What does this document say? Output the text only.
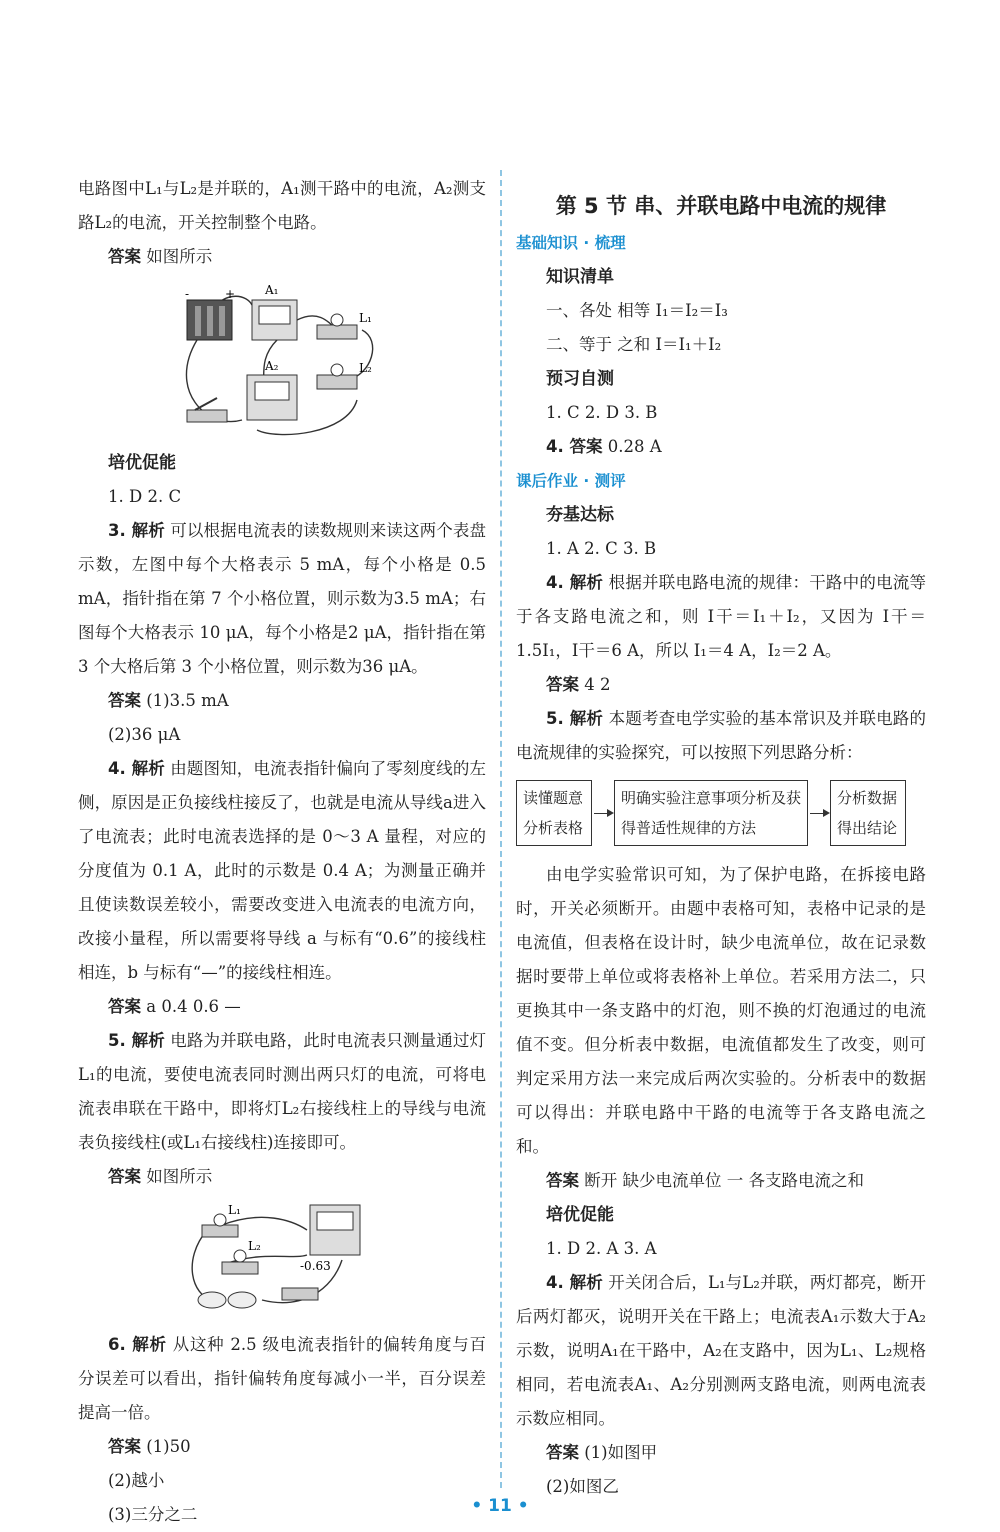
电路图中L₁与L₂是并联的，A₁测干路中的电流，A₂测支路L₂的电流，开关控制整个电路。

答案 如图所示

-	+ A₁
L₁
L₂
A₂

培优促能

1. D 2. C

3. 解析 可以根据电流表的读数规则来读这两个表盘示数，左图中每个大格表示 5 mA，每个小格是 0.5 mA，指针指在第 7 个小格位置，则示数为3.5 mA；右图每个大格表示 10 μA，每个小格是2 μA，指针指在第 3 个大格后第 3 个小格位置，则示数为36 μA。

答案 (1)3.5 mA

(2)36 μA

4. 解析 由题图知，电流表指针偏向了零刻度线的左侧，原因是正负接线柱接反了，也就是电流从导线a进入了电流表；此时电流表选择的是 0～3 A 量程，对应的分度值为 0.1 A，此时的示数是 0.4 A；为测量正确并且使读数误差较小，需要改变进入电流表的电流方向，改接小量程，所以需要将导线 a 与标有“0.6”的接线柱相连，b 与标有“—”的接线柱相连。

答案 a 0.4 0.6 —

5. 解析 电路为并联电路，此时电流表只测量通过灯L₁的电流，要使电流表同时测出两只灯的电流，可将电流表串联在干路中，即将灯L₂右接线柱上的导线与电流表负接线柱(或L₁右接线柱)连接即可。

答案 如图所示

L₁
L₂
-0.63

6. 解析 从这种 2.5 级电流表指针的偏转角度与百分误差可以看出，指针偏转角度每减小一半，百分误差提高一倍。

答案 (1)50

(2)越小

(3)三分之二

第 5 节 串、并联电路中电流的规律

基础知识 · 梳理

知识清单

一、各处 相等 I₁＝I₂＝I₃

二、等于 之和 I＝I₁＋I₂

预习自测

1. C 2. D 3. B

4. 答案 0.28 A

课后作业 · 测评

夯基达标

1. A 2. C 3. B

4. 解析 根据并联电路电流的规律：干路中的电流等于各支路电流之和，则 I干＝I₁＋I₂，又因为 I干＝1.5I₁，I干＝6 A，所以 I₁＝4 A，I₂＝2 A。

答案 4 2

5. 解析 本题考查电学实验的基本常识及并联电路的电流规律的实验探究，可以按照下列思路分析：

读懂题意分析表格
明确实验注意事项分析及获得普适性规律的方法
分析数据得出结论

由电学实验常识可知，为了保护电路，在拆接电路时，开关必须断开。由题中表格可知，表格中记录的是电流值，但表格在设计时，缺少电流单位，故在记录数据时要带上单位或将表格补上单位。若采用方法二，只更换其中一条支路中的灯泡，则不换的灯泡通过的电流值不变。但分析表中数据，电流值都发生了改变，则可判定采用方法一来完成后两次实验的。分析表中的数据可以得出：并联电路中干路的电流等于各支路电流之和。

答案 断开 缺少电流单位 一 各支路电流之和

培优促能

1. D 2. A 3. A

4. 解析 开关闭合后，L₁与L₂并联，两灯都亮，断开后两灯都灭，说明开关在干路上；电流表A₁示数大于A₂示数，说明A₁在干路中，A₂在支路中，因为L₁、L₂规格相同，若电流表A₁、A₂分别测两支路电流，则两电流表示数应相同。

答案 (1)如图甲

(2)如图乙

• 11 •
